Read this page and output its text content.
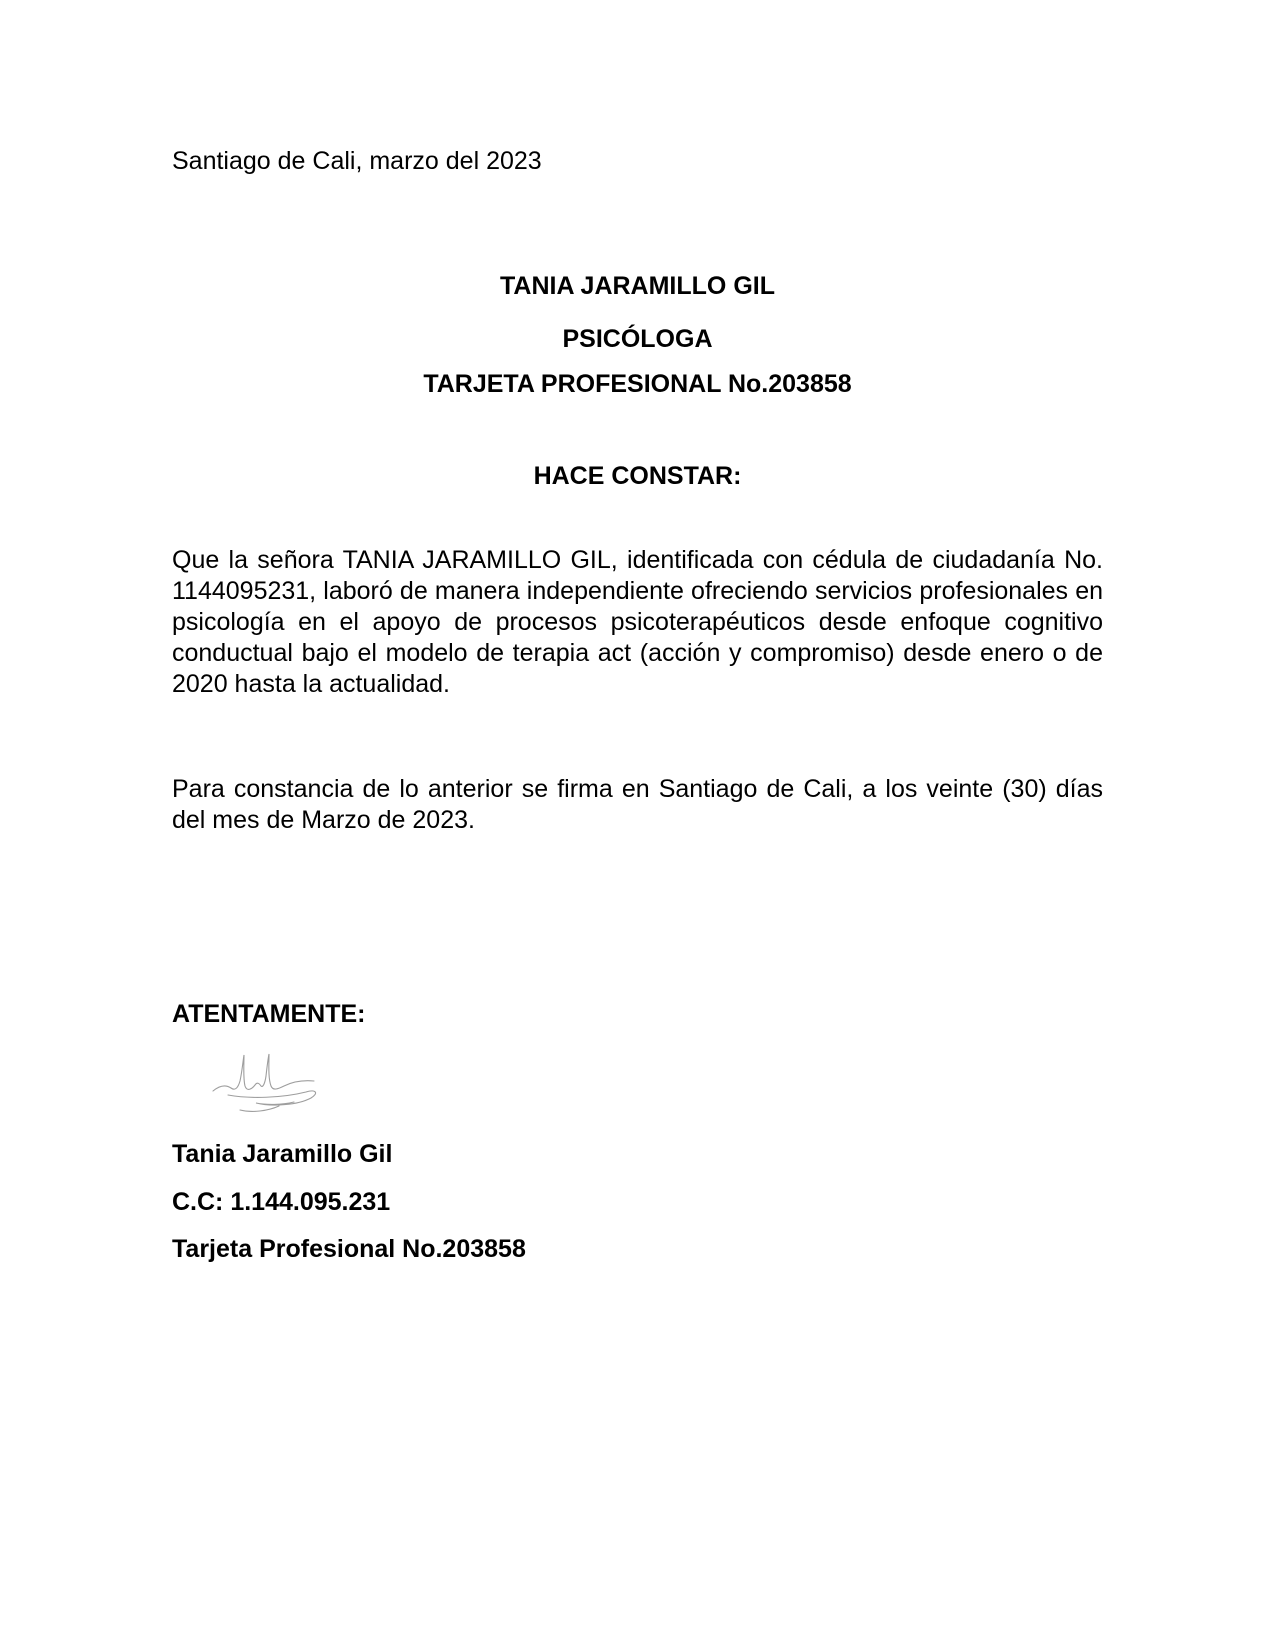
Santiago de Cali, marzo del 2023
TANIA JARAMILLO GIL
PSICÓLOGA
TARJETA PROFESIONAL No.203858
HACE CONSTAR:
Que la señora TANIA JARAMILLO GIL, identificada con cédula de ciudadanía No.
1144095231, laboró de manera independiente ofreciendo servicios profesionales en
psicología en el apoyo de procesos psicoterapéuticos desde enfoque cognitivo
conductual bajo el modelo de terapia act (acción y compromiso) desde enero o de
2020 hasta la actualidad.
Para constancia de lo anterior se firma en Santiago de Cali, a los veinte (30) días
del mes de Marzo de 2023.
ATENTAMENTE:
Tania Jaramillo Gil
C.C: 1.144.095.231
Tarjeta Profesional No.203858
